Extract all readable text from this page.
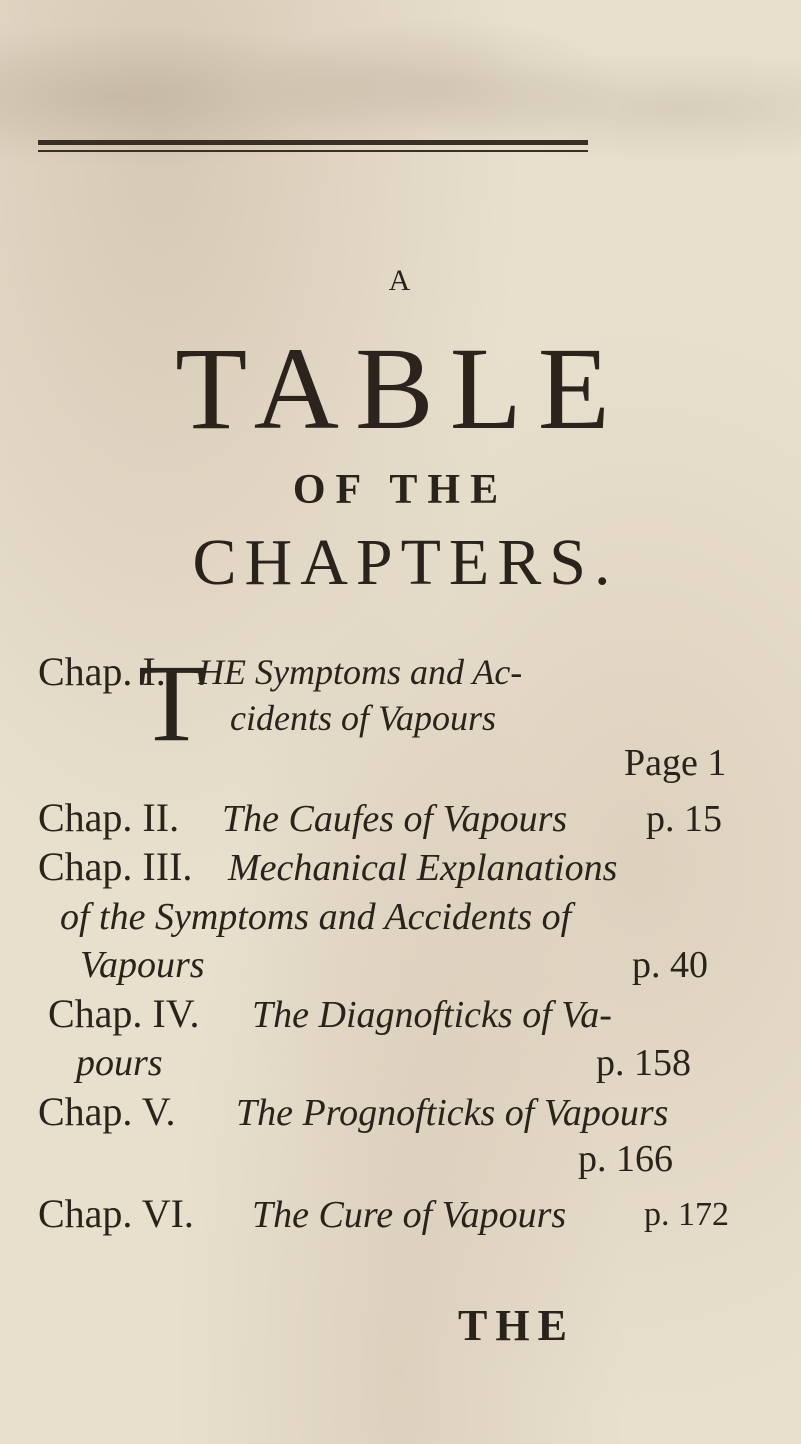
A
TABLE
OF THE
CHAPTERS.
Chap. I.
T
HE Symptoms and Ac-
cidents of Vapours
Page 1
Chap. II. The Caufes of Vapours p. 15
Chap. III. Mechanical Explanations
of the Symptoms and Accidents of
Vapours	p. 40
Chap. IV. The Diagnofticks of Va-
pours	p. 158
Chap. V. The Prognofticks of Vapours
p. 166
Chap. VI. The Cure of Vapours p. 172
THE
